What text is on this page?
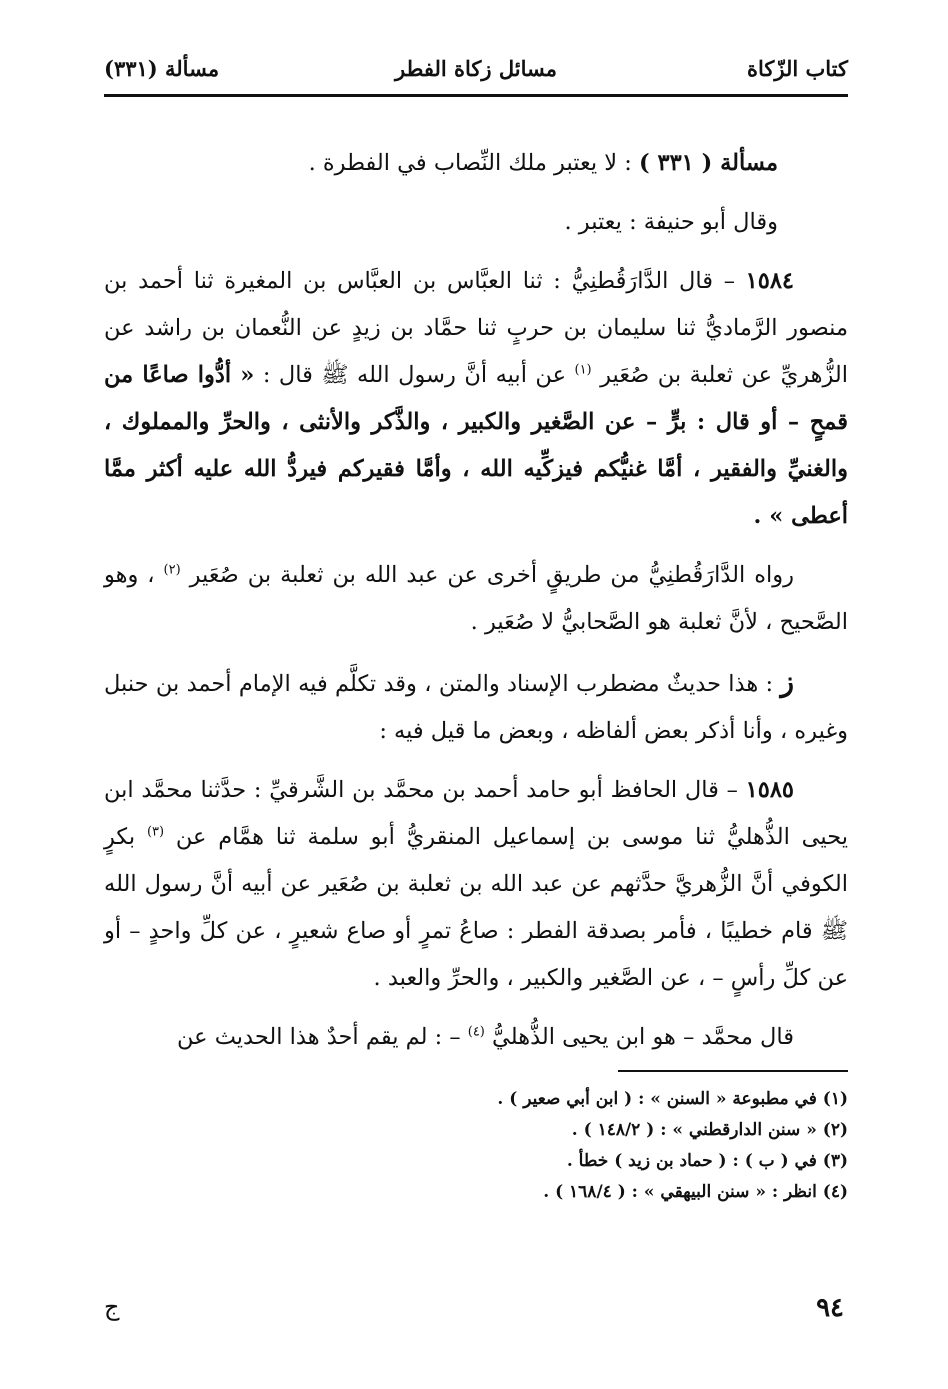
كتاب الزّكاة
مسائل زكاة الفطر
مسألة (٣٣١)

مسألة ( ٣٣١ ) : لا يعتبر ملك النِّصاب في الفطرة .

وقال أبو حنيفة : يعتبر .

١٥٨٤ – قال الدَّارَقُطنِيُّ : ثنا العبَّاس بن العبَّاس بن المغيرة ثنا أحمد بن منصور الرَّماديُّ ثنا سليمان بن حربٍ ثنا حمَّاد بن زيدٍ عن النُّعمان بن راشد عن الزُّهريِّ عن ثعلبة بن صُعَير $^{(١)}$ عن أبيه أنَّ رسول الله ﷺ قال : « أدُّوا صاعًا من قمحٍ – أو قال : برٍّ – عن الصَّغير والكبير ، والذَّكر والأنثى ، والحرِّ والمملوك ، والغنيِّ والفقير ، أمَّا غنيُّكم فيزكِّيه الله ، وأمَّا فقيركم فيردُّ الله عليه أكثر ممَّا أعطى » .

رواه الدَّارَقُطنِيُّ من طريقٍ أخرى عن عبد الله بن ثعلبة بن صُعَير $^{(٢)}$ ، وهو الصَّحيح ، لأنَّ ثعلبة هو الصَّحابيُّ لا صُعَير .

ز : هذا حديثٌ مضطرب الإسناد والمتن ، وقد تكلَّم فيه الإمام أحمد بن حنبل وغيره ، وأنا أذكر بعض ألفاظه ، وبعض ما قيل فيه :

١٥٨٥ – قال الحافظ أبو حامد أحمد بن محمَّد بن الشَّرقيِّ : حدَّثنا محمَّد ابن يحيى الذُّهليُّ ثنا موسى بن إسماعيل المنقريُّ أبو سلمة ثنا همَّام عن $^{(٣)}$ بكرٍ الكوفي أنَّ الزُّهريَّ حدَّثهم عن عبد الله بن ثعلبة بن صُعَير عن أبيه أنَّ رسول الله ﷺ قام خطيبًا ، فأمر بصدقة الفطر : صاعُ تمرٍ أو صاع شعيرٍ ، عن كلِّ واحدٍ – أو عن كلِّ رأسٍ – ، عن الصَّغير والكبير ، والحرِّ والعبد .

قال محمَّد – هو ابن يحيى الذُّهليُّ $^{(٤)}$ – : لم يقم أحدٌ هذا الحديث عن

(١) في مطبوعة « السنن » : ( ابن أبي صعير ) .
(٢) « سنن الدارقطني » : ( ١٤٨/٢ ) .
(٣) في ( ب ) : ( حماد بن زيد ) خطأ .
(٤) انظر : « سنن البيهقي » : ( ١٦٨/٤ ) .
٩٤
ج
